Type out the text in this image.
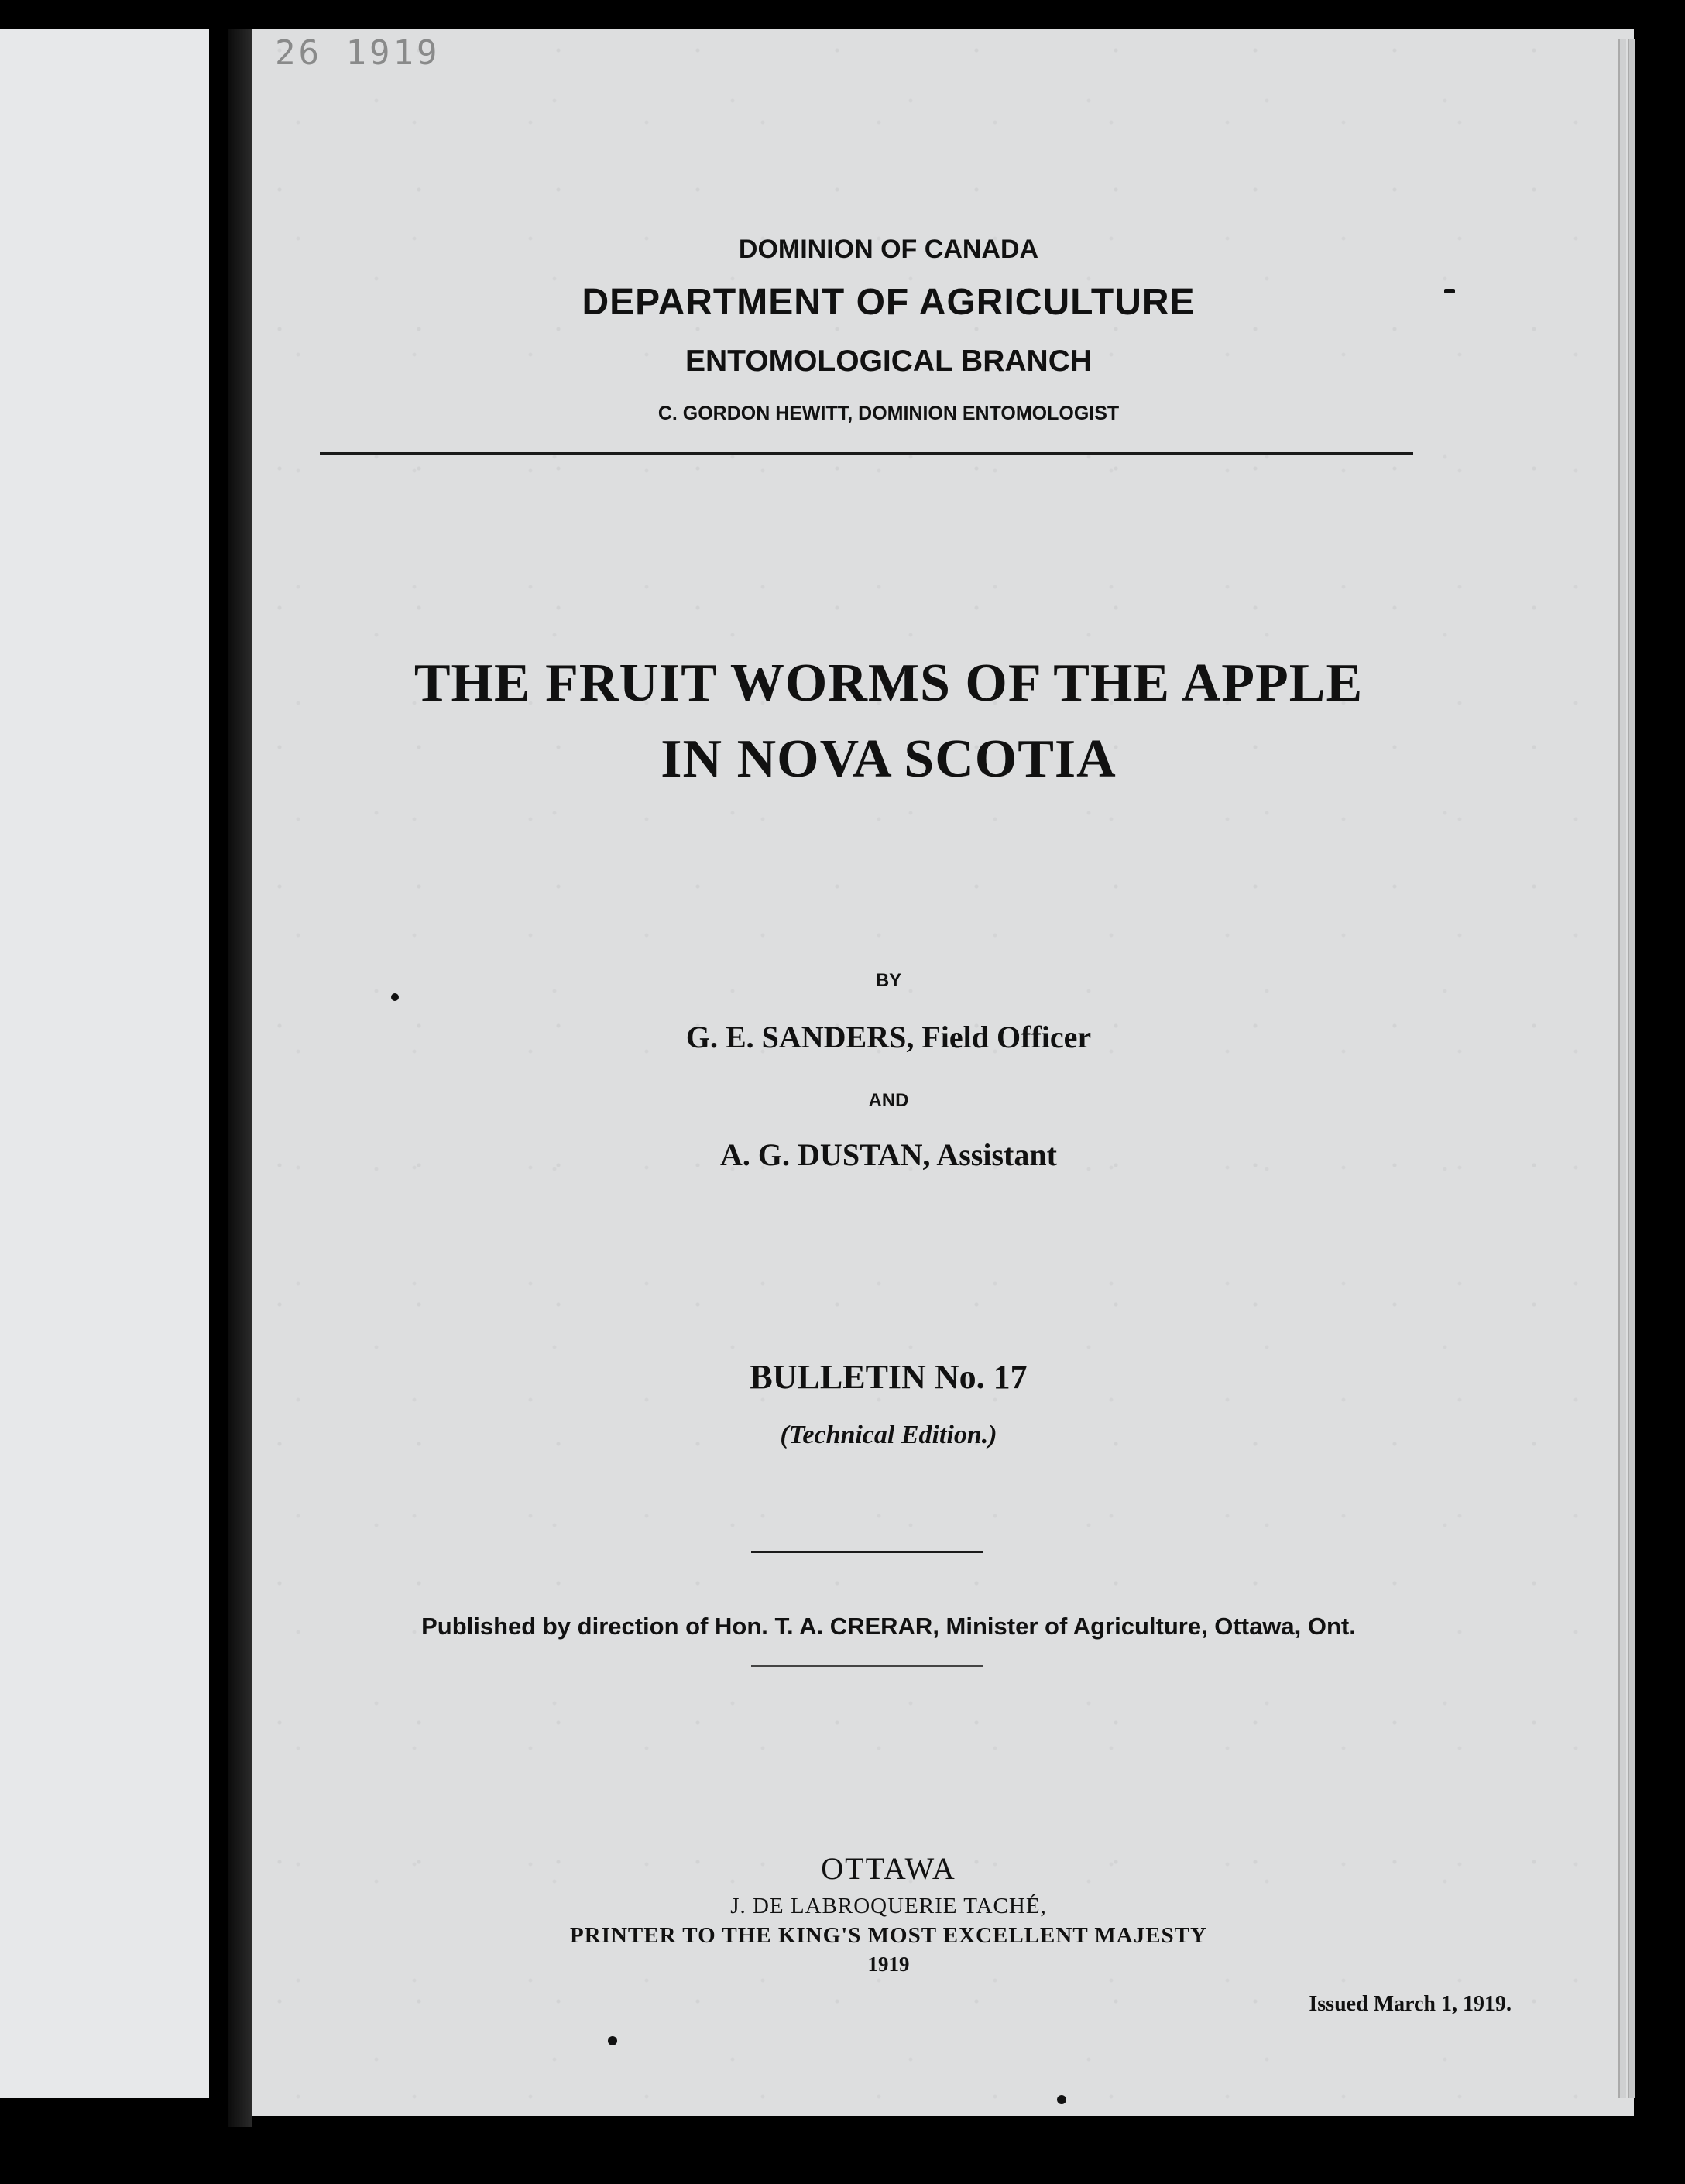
26 1919
DOMINION OF CANADA
DEPARTMENT OF AGRICULTURE
ENTOMOLOGICAL BRANCH
C. GORDON HEWITT, DOMINION ENTOMOLOGIST
THE FRUIT WORMS OF THE APPLE
IN NOVA SCOTIA
BY
G. E. SANDERS, Field Officer
AND
A. G. DUSTAN, Assistant
BULLETIN No. 17
(Technical Edition.)
Published by direction of Hon. T. A. CRERAR, Minister of Agriculture, Ottawa, Ont.
OTTAWA
J. DE LABROQUERIE TACHÉ,
PRINTER TO THE KING'S MOST EXCELLENT MAJESTY
1919
Issued March 1, 1919.
